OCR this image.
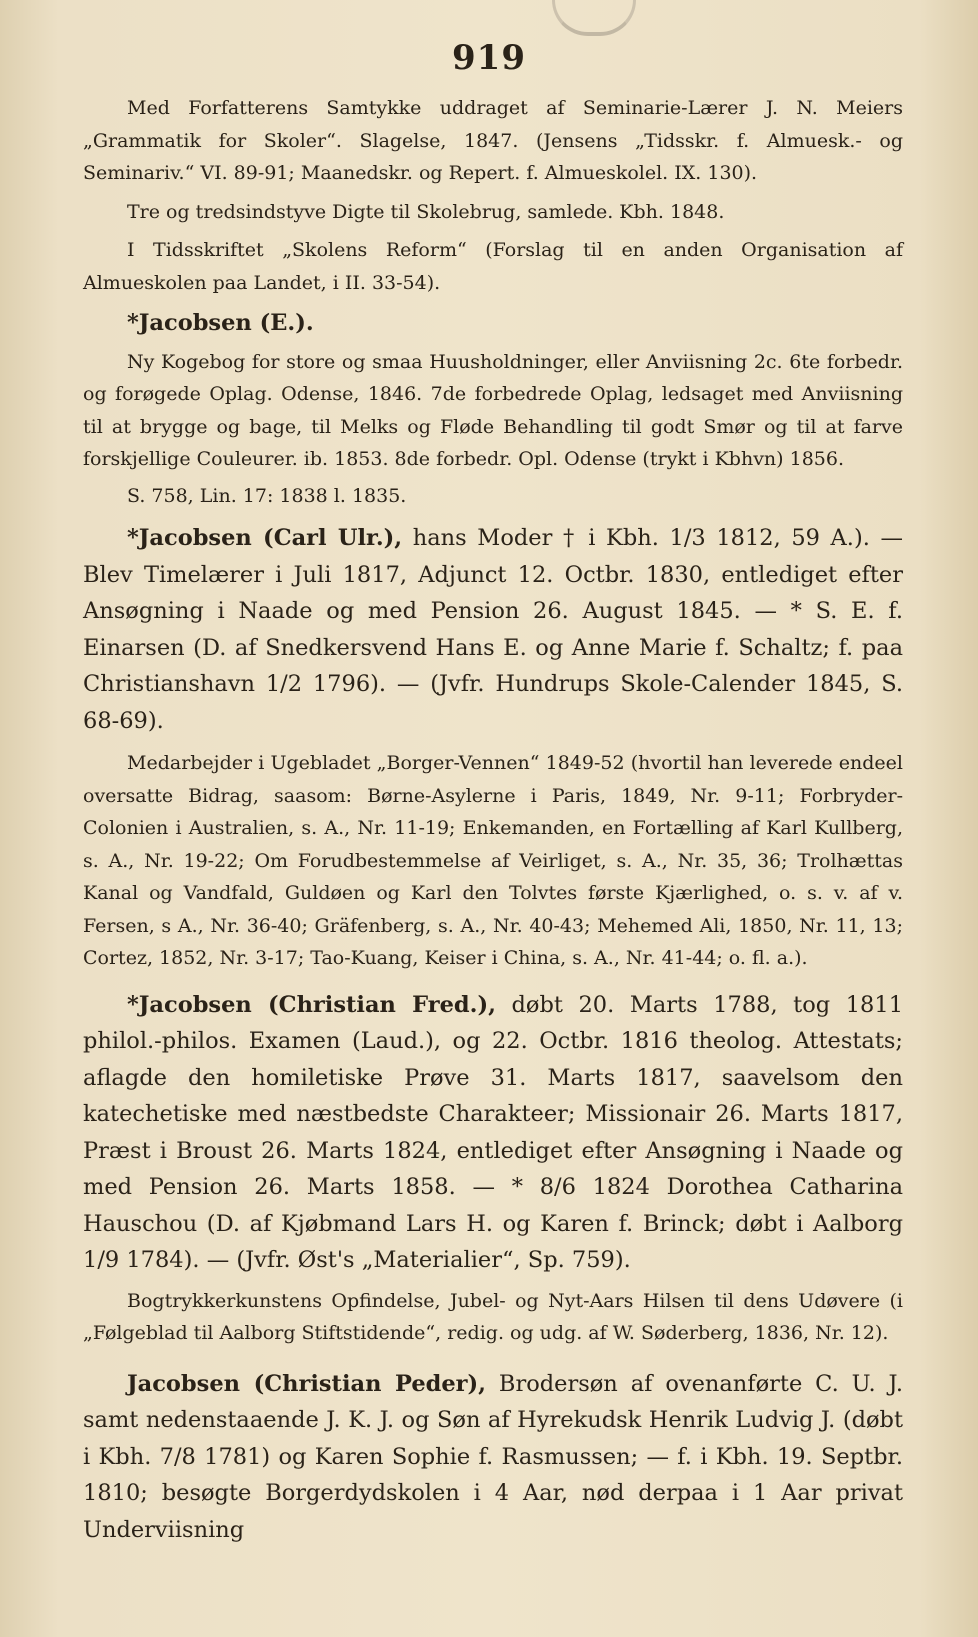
919

Med Forfatterens Samtykke uddraget af Seminarie-Lærer J. N. Meiers „Grammatik for Skoler“. Slagelse, 1847. (Jensens „Tidsskr. f. Almuesk.- og Seminariv.“ VI. 89-91; Maanedskr. og Repert. f. Almueskolel. IX. 130).

Tre og tredsindstyve Digte til Skolebrug, samlede. Kbh. 1848.

I Tidsskriftet „Skolens Reform“ (Forslag til en anden Organisation af Almueskolen paa Landet, i II. 33-54).

*Jacobsen (E.).

Ny Kogebog for store og smaa Huusholdninger, eller Anviisning 2c. 6te forbedr. og forøgede Oplag. Odense, 1846. 7de forbedrede Oplag, ledsaget med Anviisning til at brygge og bage, til Melks og Fløde Behandling til godt Smør og til at farve forskjellige Couleurer. ib. 1853. 8de forbedr. Opl. Odense (trykt i Kbhvn) 1856.

S. 758, Lin. 17: 1838 l. 1835.

*Jacobsen (Carl Ulr.), hans Moder † i Kbh. 1/3 1812, 59 A.). — Blev Timelærer i Juli 1817, Adjunct 12. Octbr. 1830, entlediget efter Ansøgning i Naade og med Pension 26. August 1845. — * S. E. f. Einarsen (D. af Snedkersvend Hans E. og Anne Marie f. Schaltz; f. paa Christianshavn 1/2 1796). — (Jvfr. Hundrups Skole-Calender 1845, S. 68-69).

Medarbejder i Ugebladet „Borger-Vennen“ 1849-52 (hvortil han leverede endeel oversatte Bidrag, saasom: Børne-Asylerne i Paris, 1849, Nr. 9-11; Forbryder-Colonien i Australien, s. A., Nr. 11-19; Enkemanden, en Fortælling af Karl Kullberg, s. A., Nr. 19-22; Om Forudbestemmelse af Veirliget, s. A., Nr. 35, 36; Trolhættas Kanal og Vandfald, Guldøen og Karl den Tolvtes første Kjærlighed, o. s. v. af v. Fersen, s A., Nr. 36-40; Gräfenberg, s. A., Nr. 40-43; Mehemed Ali, 1850, Nr. 11, 13; Cortez, 1852, Nr. 3-17; Tao-Kuang, Keiser i China, s. A., Nr. 41-44; o. fl. a.).

*Jacobsen (Christian Fred.), døbt 20. Marts 1788, tog 1811 philol.-philos. Examen (Laud.), og 22. Octbr. 1816 theolog. Attestats; aflagde den homiletiske Prøve 31. Marts 1817, saavelsom den katechetiske med næstbedste Charakteer; Missionair 26. Marts 1817, Præst i Broust 26. Marts 1824, entlediget efter Ansøgning i Naade og med Pension 26. Marts 1858. — * 8/6 1824 Dorothea Catharina Hauschou (D. af Kjøbmand Lars H. og Karen f. Brinck; døbt i Aalborg 1/9 1784). — (Jvfr. Øst's „Materialier“, Sp. 759).

Bogtrykkerkunstens Opfindelse, Jubel- og Nyt-Aars Hilsen til dens Udøvere (i „Følgeblad til Aalborg Stiftstidende“, redig. og udg. af W. Søderberg, 1836, Nr. 12).

Jacobsen (Christian Peder), Brodersøn af ovenanførte C. U. J. samt nedenstaaende J. K. J. og Søn af Hyrekudsk Henrik Ludvig J. (døbt i Kbh. 7/8 1781) og Karen Sophie f. Rasmussen; — f. i Kbh. 19. Septbr. 1810; besøgte Borgerdydskolen i 4 Aar, nød derpaa i 1 Aar privat Underviisning
